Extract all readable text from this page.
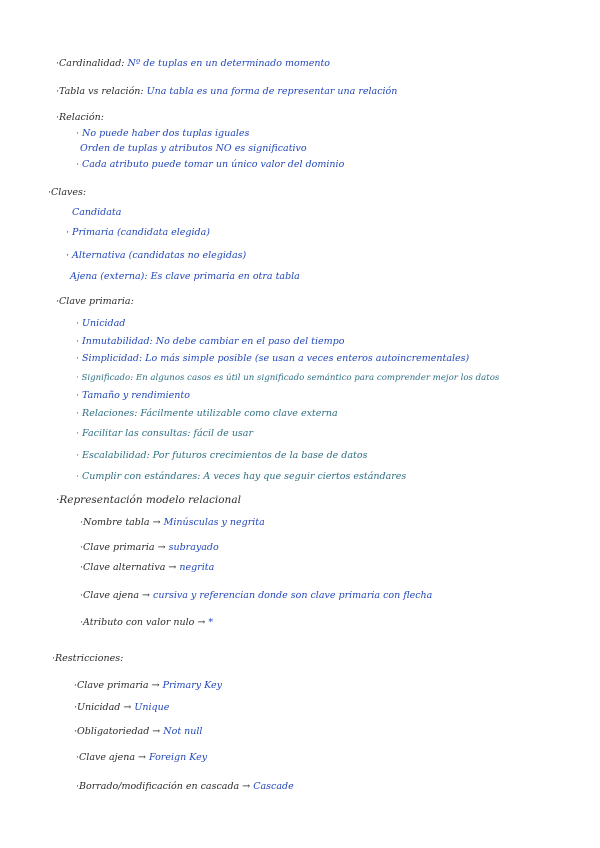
·Cardinalidad: Nº de tuplas en un determinado momento
·Tabla vs relación: Una tabla es una forma de representar una relación
·Relación:
· No puede haber dos tuplas iguales
Orden de tuplas y atributos NO es significativo
· Cada atributo puede tomar un único valor del dominio
·Claves:
Candidata
· Primaria (candidata elegida)
· Alternativa (candidatas no elegidas)
Ajena (externa): Es clave primaria en otra tabla
·Clave primaria:
· Unicidad
· Inmutabilidad: No debe cambiar en el paso del tiempo
· Simplicidad: Lo más simple posible (se usan a veces enteros autoincrementales)
· Significado: En algunos casos es útil un significado semántico para comprender mejor los datos
· Tamaño y rendimiento
· Relaciones: Fácilmente utilizable como clave externa
· Facilitar las consultas: fácil de usar
· Escalabilidad: Por futuros crecimientos de la base de datos
· Cumplir con estándares: A veces hay que seguir ciertos estándares
·Representación modelo relacional
·Nombre tabla → Minúsculas y negrita
·Clave primaria → subrayado
·Clave alternativa → negrita
·Clave ajena → cursiva y referencian donde son clave primaria con flecha
·Atributo con valor nulo → *
·Restricciones:
·Clave primaria → Primary Key
·Unicidad → Unique
·Obligatoriedad → Not null
·Clave ajena → Foreign Key
·Borrado/modificación en cascada → Cascade
